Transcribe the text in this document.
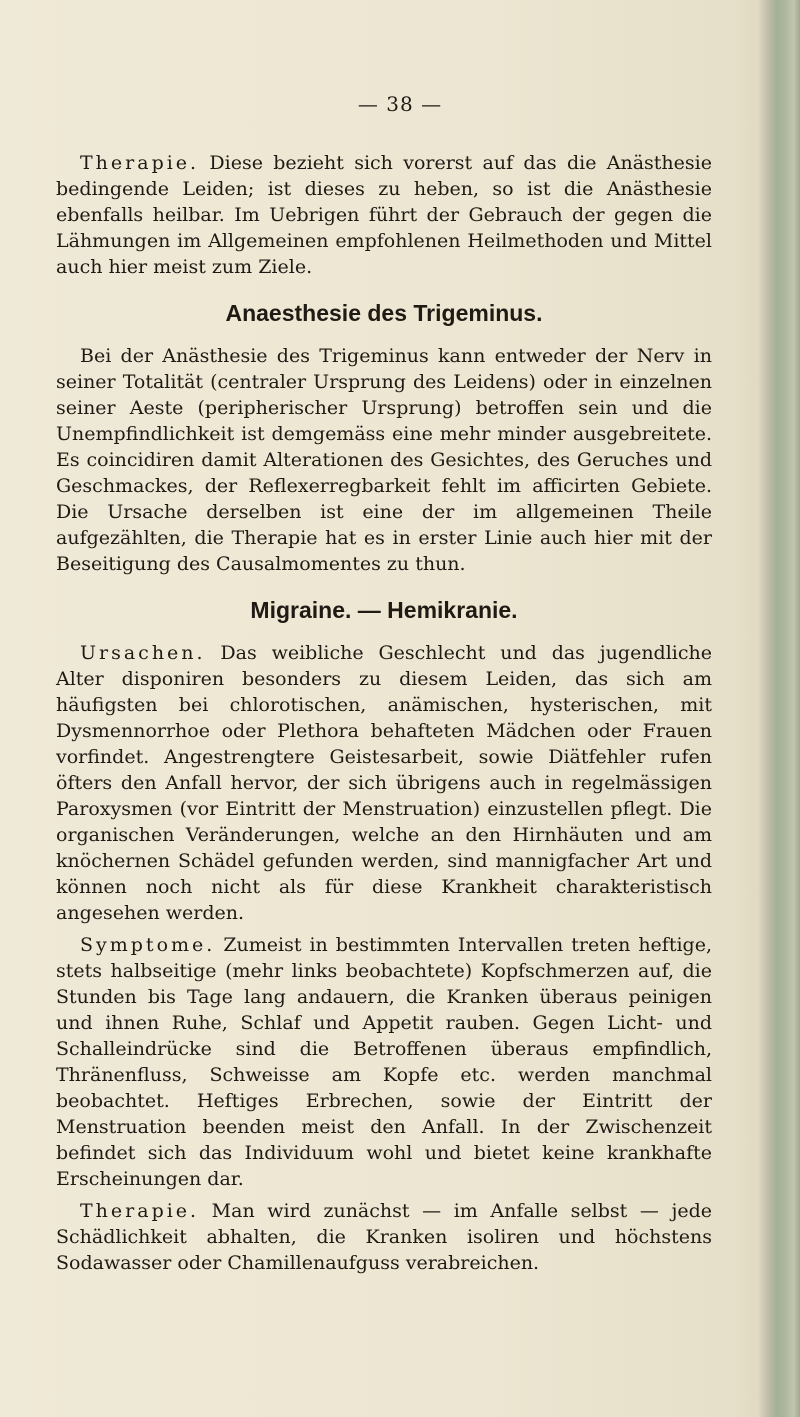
— 38 —

Therapie. Diese bezieht sich vorerst auf das die Anästhesie bedingende Leiden; ist dieses zu heben, so ist die Anästhesie ebenfalls heilbar. Im Uebrigen führt der Gebrauch der gegen die Lähmungen im Allgemeinen empfohlenen Heilmethoden und Mittel auch hier meist zum Ziele.

Anaesthesie des Trigeminus.

Bei der Anästhesie des Trigeminus kann entweder der Nerv in seiner Totalität (centraler Ursprung des Leidens) oder in einzelnen seiner Aeste (peripherischer Ursprung) betroffen sein und die Unempfindlichkeit ist demgemäss eine mehr minder ausgebreitete. Es coincidiren damit Alterationen des Gesichtes, des Geruches und Geschmackes, der Reflexerregbarkeit fehlt im afficirten Gebiete. Die Ursache derselben ist eine der im allgemeinen Theile aufgezählten, die Therapie hat es in erster Linie auch hier mit der Beseitigung des Causalmomentes zu thun.

Migraine. — Hemikranie.

Ursachen. Das weibliche Geschlecht und das jugendliche Alter disponiren besonders zu diesem Leiden, das sich am häufigsten bei chlorotischen, anämischen, hysterischen, mit Dysmennorrhoe oder Plethora behafteten Mädchen oder Frauen vorfindet. Angestrengtere Geistesarbeit, sowie Diätfehler rufen öfters den Anfall hervor, der sich übrigens auch in regelmässigen Paroxysmen (vor Eintritt der Menstruation) einzustellen pflegt. Die organischen Veränderungen, welche an den Hirnhäuten und am knöchernen Schädel gefunden werden, sind mannigfacher Art und können noch nicht als für diese Krankheit charakteristisch angesehen werden.

Symptome. Zumeist in bestimmten Intervallen treten heftige, stets halbseitige (mehr links beobachtete) Kopfschmerzen auf, die Stunden bis Tage lang andauern, die Kranken überaus peinigen und ihnen Ruhe, Schlaf und Appetit rauben. Gegen Licht- und Schalleindrücke sind die Betroffenen überaus empfindlich, Thränenfluss, Schweisse am Kopfe etc. werden manchmal beobachtet. Heftiges Erbrechen, sowie der Eintritt der Menstruation beenden meist den Anfall. In der Zwischenzeit befindet sich das Individuum wohl und bietet keine krankhafte Erscheinungen dar.

Therapie. Man wird zunächst — im Anfalle selbst — jede Schädlichkeit abhalten, die Kranken isoliren und höchstens Sodawasser oder Chamillenaufguss verabreichen.
